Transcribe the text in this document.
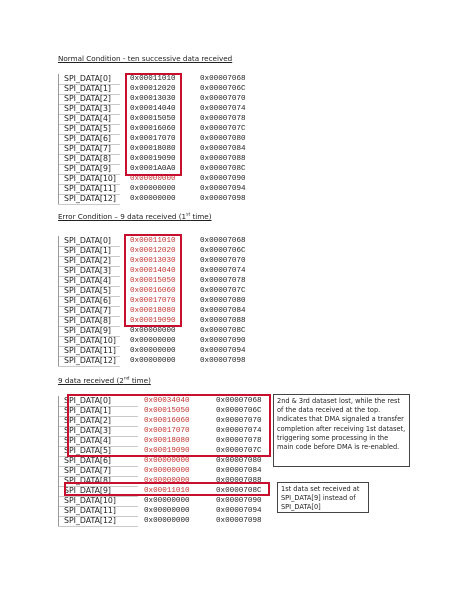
Normal Condition - ten successive data received
SPI_DATA[0]	0x00011010	0x00007068
SPI_DATA[1]	0x00012020	0x0000706C
SPI_DATA[2]	0x00013030	0x00007070
SPI_DATA[3]	0x00014040	0x00007074
SPI_DATA[4]	0x00015050	0x00007078
SPI_DATA[5]	0x00016060	0x0000707C
SPI_DATA[6]	0x00017070	0x00007080
SPI_DATA[7]	0x00018080	0x00007084
SPI_DATA[8]	0x00019090	0x00007088
SPI_DATA[9]	0x0001A0A0	0x0000708C
SPI_DATA[10] 0x00000000	0x00007090
SPI_DATA[11] 0x00000000	0x00007094
SPI_DATA[12] 0x00000000	0x00007098
Error Condition – 9 data received (1st time)
SPI_DATA[0]	0x00011010	0x00007068
SPI_DATA[1]	0x00012020	0x0000706C
SPI_DATA[2]	0x00013030	0x00007070
SPI_DATA[3]	0x00014040	0x00007074
SPI_DATA[4]	0x00015050	0x00007078
SPI_DATA[5]	0x00016060	0x0000707C
SPI_DATA[6]	0x00017070	0x00007080
SPI_DATA[7]	0x00018080	0x00007084
SPI_DATA[8]	0x00019090	0x00007088
SPI_DATA[9]	0x00000000	0x0000708C
SPI_DATA[10] 0x00000000	0x00007090
SPI_DATA[11] 0x00000000	0x00007094
SPI_DATA[12] 0x00000000	0x00007098
9 data received (2nd time)
SPI_DATA[0]	0x00034040	0x00007068
SPI_DATA[1]	0x00015050	0x0000706C
SPI_DATA[2]	0x00016060	0x00007070
SPI_DATA[3]	0x00017070	0x00007074
SPI_DATA[4]	0x00018080	0x00007078
SPI_DATA[5]	0x00019090	0x0000707C
SPI_DATA[6]	0x00000000	0x00007080
SPI_DATA[7]	0x00000000	0x00007084
SPI_DATA[8]	0x00000000	0x00007088
SPI_DATA[9]	0x00011010	0x0000708C
SPI_DATA[10]	0x00000000	0x00007090
SPI_DATA[11]	0x00000000	0x00007094
SPI_DATA[12]	0x00000000	0x00007098
2nd & 3rd dataset lost, while the rest of the data received at the top. Indicates that DMA signaled a transfer completion after receiving 1st dataset, triggering some processing in the main code before DMA is re-enabled.
1st data set received at SPI_DATA[9] instead of SPI_DATA[0]
